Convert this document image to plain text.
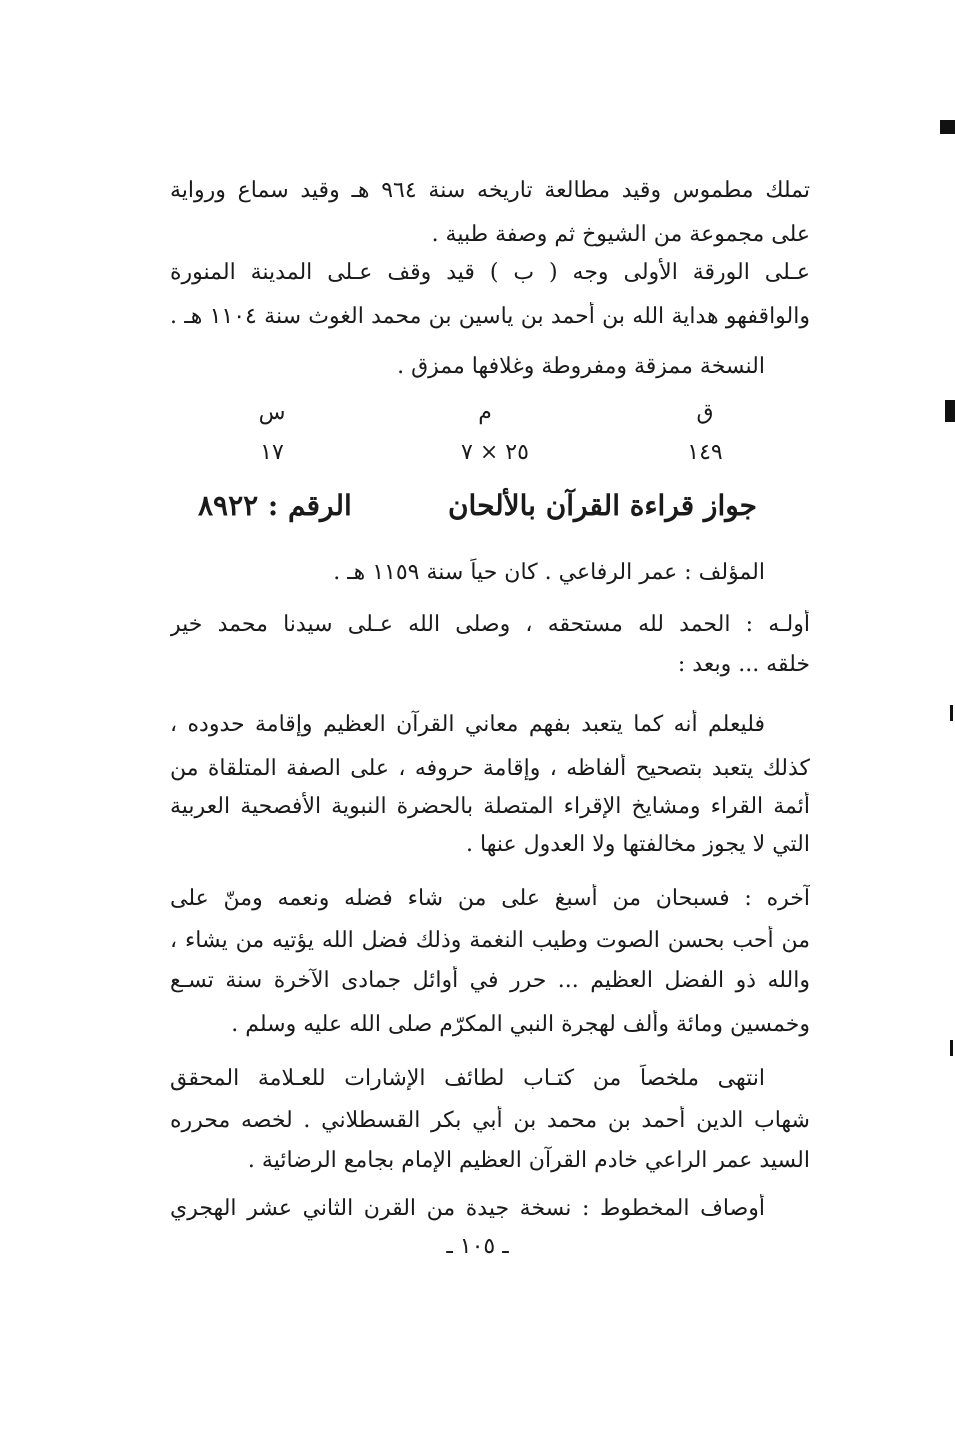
تملك مطموس وقيد مطالعة تاريخه سنة ٩٦٤ هـ وقيد سماع ورواية
على مجموعة من الشيوخ ثم وصفة طبية .
عـلى الورقة الأولى وجه ( ب ) قيد وقف عـلى المدينة المنورة
والواقفهو هداية الله بن أحمد بن ياسين بن محمد الغوث سنة ١١٠٤ هـ .
النسخة ممزقة ومفروطة وغلافها ممزق .
ق
م
س
١٤٩
٢٥ × ٧
١٧
جواز قراءة القرآن بالألحان
الرقم : ٨٩٢٢
المؤلف : عمر الرفاعي . كان حياً سنة ١١٥٩ هـ .
أولـه : الحمد لله مستحقه ، وصلى الله عـلى سيدنا محمد خير
خلقه ... وبعد :
فليعلم أنه كما يتعبد بفهم معاني القرآن العظيم وإقامة حدوده ،
كذلك يتعبد بتصحيح ألفاظه ، وإقامة حروفه ، على الصفة المتلقاة من
أئمة القراء ومشايخ الإقراء المتصلة بالحضرة النبوية الأفصحية العربية
التي لا يجوز مخالفتها ولا العدول عنها .
آخره : فسبحان من أسبغ على من شاء فضله ونعمه ومنّ على
من أحب بحسن الصوت وطيب النغمة وذلك فضل الله يؤتيه من يشاء ،
والله ذو الفضل العظيم ... حرر في أوائل جمادى الآخرة سنة تسـع
وخمسين ومائة وألف لهجرة النبي المكرّم صلى الله عليه وسلم .
انتهى ملخصاً من كتـاب لطائف الإشارات للعـلامة المحقق
شهاب الدين أحمد بن محمد بن أبي بكر القسطلاني . لخصه محرره
السيد عمر الراعي خادم القرآن العظيم الإمام بجامع الرضائية .
أوصاف المخطوط : نسخة جيدة من القرن الثاني عشر الهجري
ـ ١٠٥ ـ
